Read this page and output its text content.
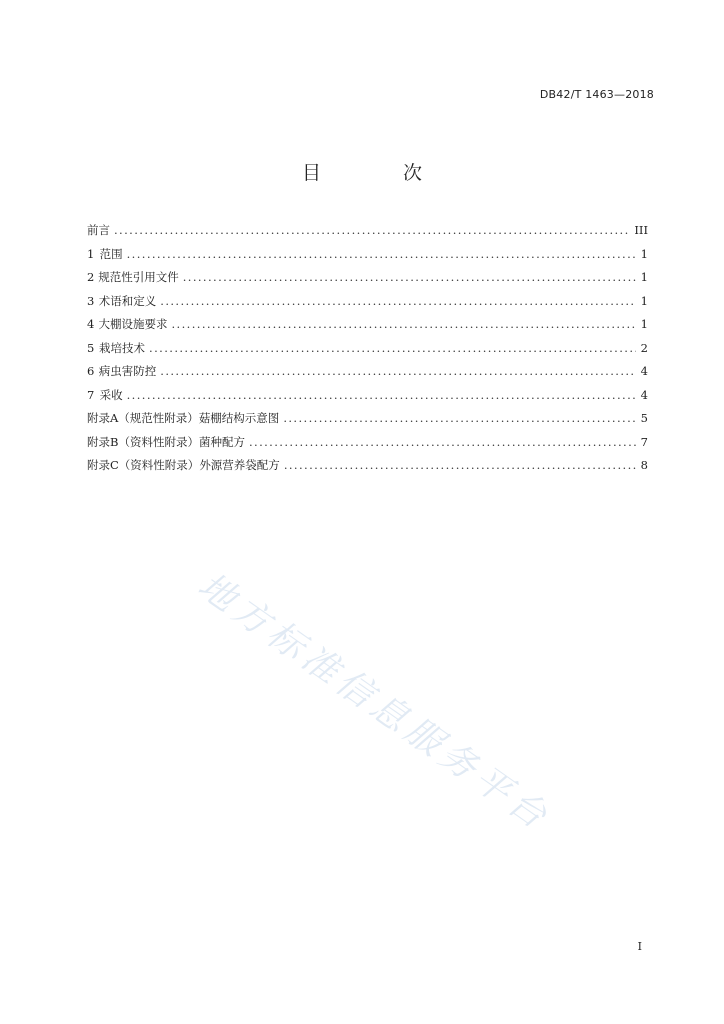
DB42/T 1463—2018
目 次
前言 .....	III
1 范围 .....	1
2 规范性引用文件 .....	1
3 术语和定义 .....	1
4 大棚设施要求 .....	1
5 栽培技术 .....	2
6 病虫害防控 .....	4
7 采收 .....	4
附录A（规范性附录） 菇棚结构示意图 .....	5
附录B（资料性附录） 菌种配方 .....	7
附录C（资料性附录） 外源营养袋配方 .....	8
地方标准信息服务平台
I
